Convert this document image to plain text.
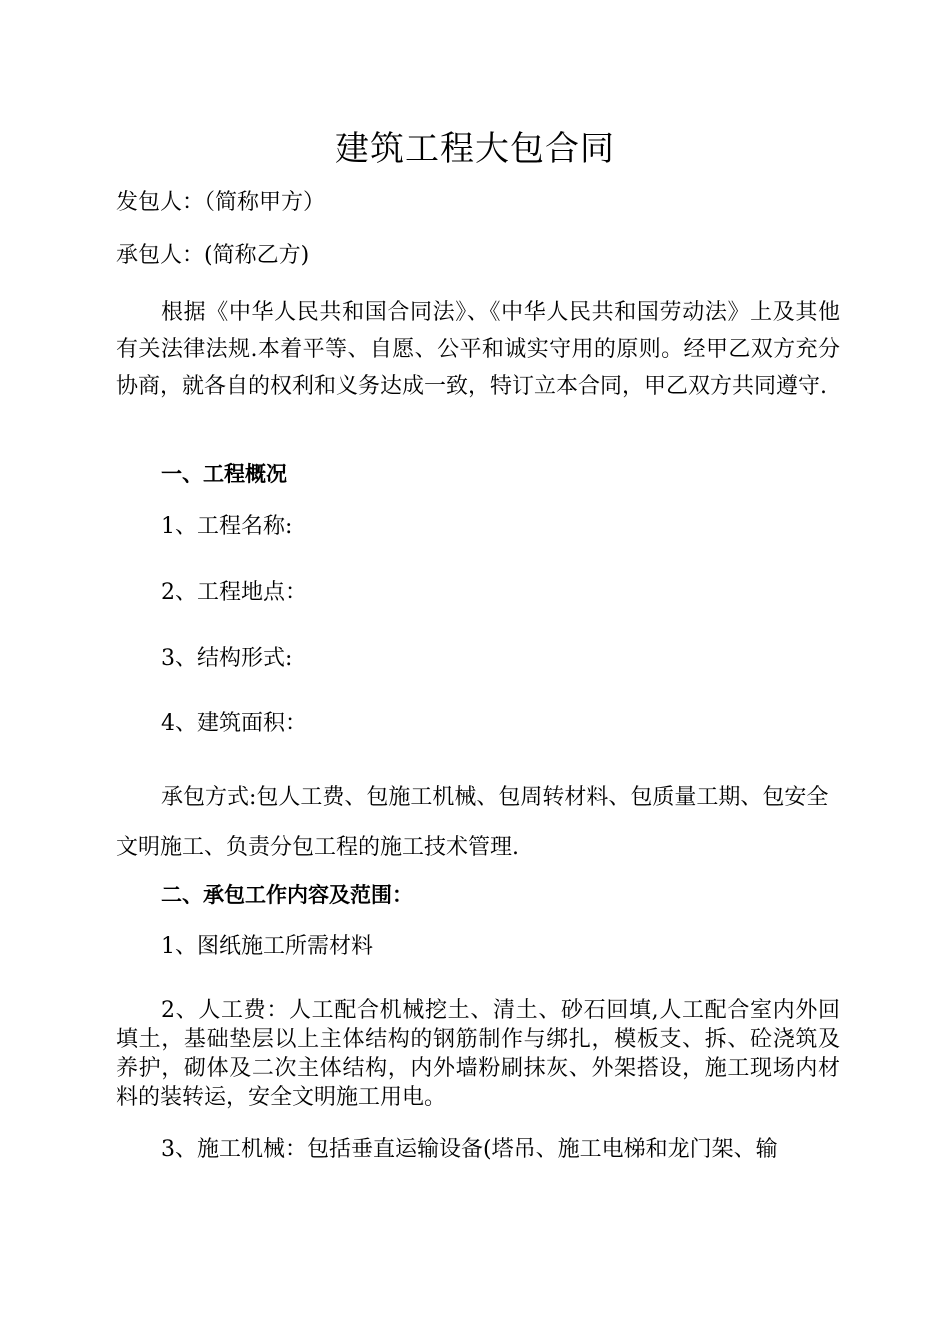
建筑工程大包合同
发包人：（简称甲方）
承包人：(简称乙方)
根据《中华人民共和国合同法》、《中华人民共和国劳动法》上及其他有关法律法规.本着平等、自愿、公平和诚实守用的原则。经甲乙双方充分协商，就各自的权利和义务达成一致，特订立本合同，甲乙双方共同遵守.
一、工程概况
1、工程名称:
2、工程地点：
3、结构形式:
4、建筑面积：
承包方式:包人工费、包施工机械、包周转材料、包质量工期、包安全文明施工、负责分包工程的施工技术管理.
二、承包工作内容及范围：
1、图纸施工所需材料
2、人工费：人工配合机械挖土、清土、砂石回填,人工配合室内外回填土，基础垫层以上主体结构的钢筋制作与绑扎，模板支、拆、砼浇筑及养护，砌体及二次主体结构，内外墙粉刷抹灰、外架搭设，施工现场内材料的装转运，安全文明施工用电。
3、施工机械：包括垂直运输设备(塔吊、施工电梯和龙门架、输
